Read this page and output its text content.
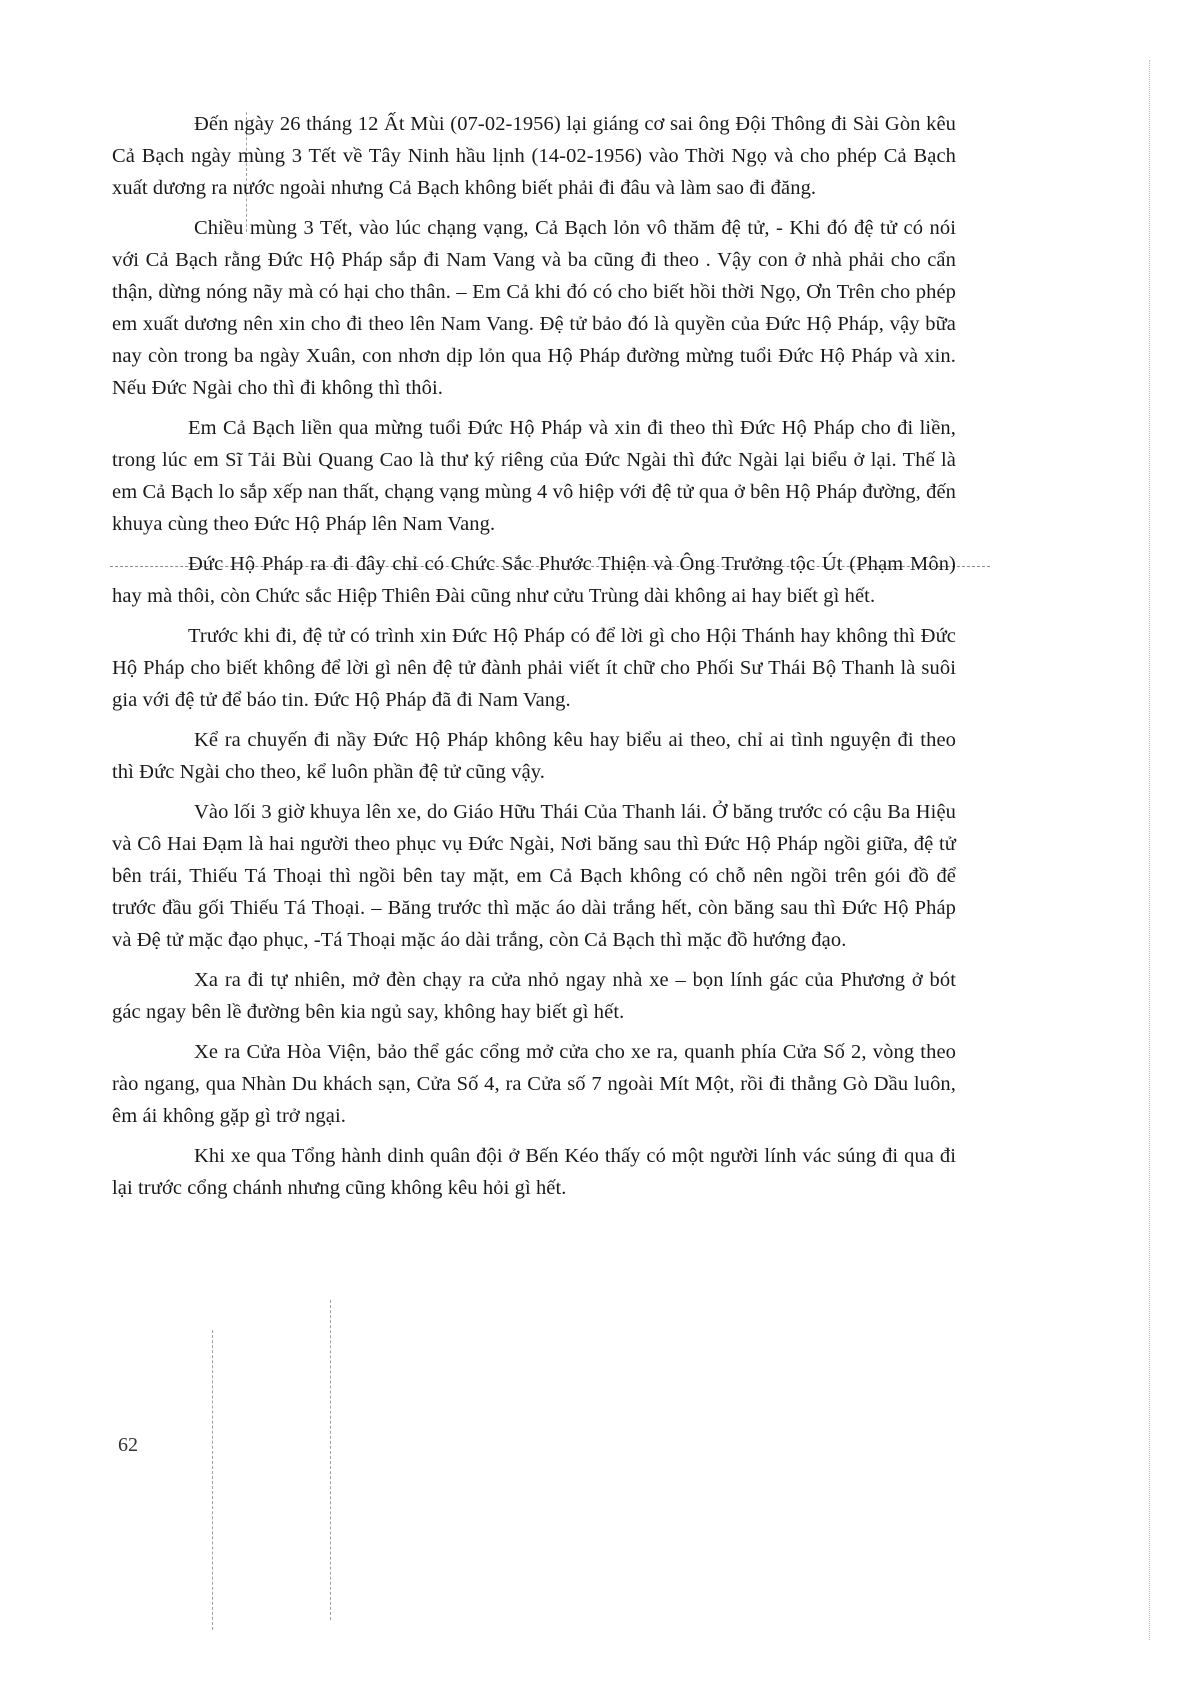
Đến ngày 26 tháng 12 Ất Mùi (07-02-1956) lại giáng cơ sai ông Đội Thông đi Sài Gòn kêu Cả Bạch ngày mùng 3 Tết về Tây Ninh hầu lịnh (14-02-1956) vào Thời Ngọ và cho phép Cả Bạch xuất dương ra nước ngoài nhưng Cả Bạch không biết phải đi đâu và làm sao đi đăng.

Chiều mùng 3 Tết, vào lúc chạng vạng, Cả Bạch lỏn vô thăm đệ tử, - Khi đó đệ tử có nói với Cả Bạch rằng Đức Hộ Pháp sắp đi Nam Vang và ba cũng đi theo . Vậy con ở nhà phải cho cẩn thận, dừng nóng nãy mà có hại cho thân. – Em Cả khi đó có cho biết hồi thời Ngọ, Ơn Trên cho phép em xuất dương nên xin cho đi theo lên Nam Vang. Đệ tử bảo đó là quyền của Đức Hộ Pháp, vậy bữa nay còn trong ba ngày Xuân, con nhơn dịp lỏn qua Hộ Pháp đường mừng tuổi Đức Hộ Pháp và xin. Nếu Đức Ngài cho thì đi không thì thôi.

Em Cả Bạch liền qua mừng tuổi Đức Hộ Pháp và xin đi theo thì Đức Hộ Pháp cho đi liền, trong lúc em Sĩ Tải Bùi Quang Cao là thư ký riêng của Đức Ngài thì đức Ngài lại biểu ở lại. Thế là em Cả Bạch lo sắp xếp nan thất, chạng vạng mùng 4 vô hiệp với đệ tử qua ở bên Hộ Pháp đường, đến khuya cùng theo Đức Hộ Pháp lên Nam Vang.

Đức Hộ Pháp ra đi đây chỉ có Chức Sắc Phước Thiện và Ông Trưởng tộc Út (Phạm Môn) hay mà thôi, còn Chức sắc Hiệp Thiên Đài cũng như cửu Trùng dài không ai hay biết gì hết.

Trước khi đi, đệ tử có trình xin Đức Hộ Pháp có để lời gì cho Hội Thánh hay không thì Đức Hộ Pháp cho biết không để lời gì nên đệ tử đành phải viết ít chữ cho Phối Sư Thái Bộ Thanh là suôi gia với đệ tử để báo tin. Đức Hộ Pháp đã đi Nam Vang.

Kể ra chuyến đi nầy Đức Hộ Pháp không kêu hay biểu ai theo, chỉ ai tình nguyện đi theo thì Đức Ngài cho theo, kể luôn phần đệ tử cũng vậy.

Vào lối 3 giờ khuya lên xe, do Giáo Hữu Thái Của Thanh lái. Ở băng trước có cậu Ba Hiệu và Cô Hai Đạm là hai người theo phục vụ Đức Ngài, Nơi băng sau thì Đức Hộ Pháp ngồi giữa, đệ tử bên trái, Thiếu Tá Thoại thì ngồi bên tay mặt, em Cả Bạch không có chỗ nên ngồi trên gói đồ để trước đầu gối Thiếu Tá Thoại. – Băng trước thì mặc áo dài trắng hết, còn băng sau thì Đức Hộ Pháp và Đệ tử mặc đạo phục, -Tá Thoại mặc áo dài trắng, còn Cả Bạch thì mặc đồ hướng đạo.

Xa ra đi tự nhiên, mở đèn chạy ra cửa nhỏ ngay nhà xe – bọn lính gác của Phương ở bót gác ngay bên lề đường bên kia ngủ say, không hay biết gì hết.

Xe ra Cửa Hòa Viện, bảo thể gác cổng mở cửa cho xe ra, quanh phía Cửa Số 2, vòng theo rào ngang, qua Nhàn Du khách sạn, Cửa Số 4, ra Cửa số 7 ngoài Mít Một, rồi đi thẳng Gò Dầu luôn, êm ái không gặp gì trở ngại.

Khi xe qua Tổng hành dinh quân đội ở Bến Kéo thấy có một người lính vác súng đi qua đi lại trước cổng chánh nhưng cũng không kêu hỏi gì hết.

62
